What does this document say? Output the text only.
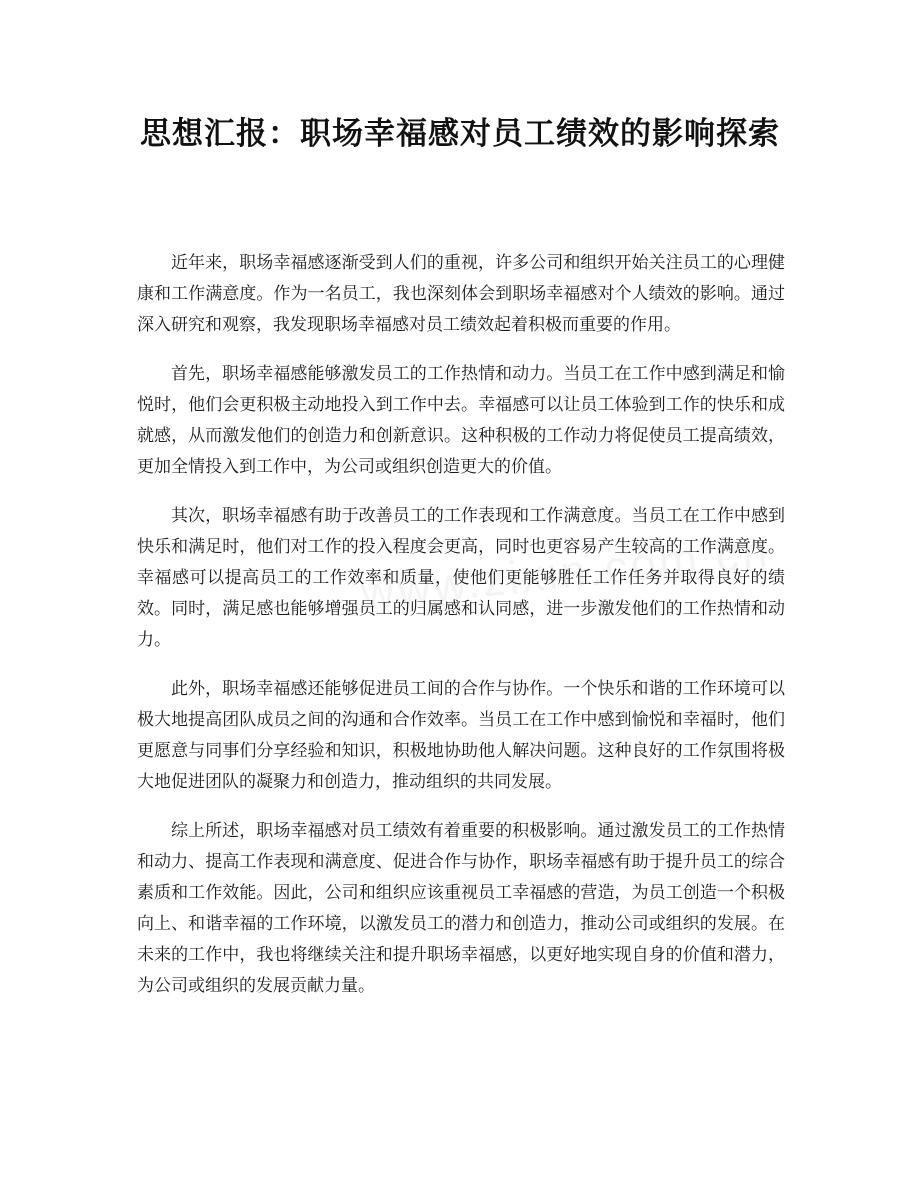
思想汇报：职场幸福感对员工绩效的影响探索

近年来，职场幸福感逐渐受到人们的重视，许多公司和组织开始关注员工的心理健康和工作满意度。作为一名员工，我也深刻体会到职场幸福感对个人绩效的影响。通过深入研究和观察，我发现职场幸福感对员工绩效起着积极而重要的作用。

首先，职场幸福感能够激发员工的工作热情和动力。当员工在工作中感到满足和愉悦时，他们会更积极主动地投入到工作中去。幸福感可以让员工体验到工作的快乐和成就感，从而激发他们的创造力和创新意识。这种积极的工作动力将促使员工提高绩效，更加全情投入到工作中，为公司或组织创造更大的价值。

其次，职场幸福感有助于改善员工的工作表现和工作满意度。当员工在工作中感到快乐和满足时，他们对工作的投入程度会更高，同时也更容易产生较高的工作满意度。幸福感可以提高员工的工作效率和质量，使他们更能够胜任工作任务并取得良好的绩效。同时，满足感也能够增强员工的归属感和认同感，进一步激发他们的工作热情和动力。

此外，职场幸福感还能够促进员工间的合作与协作。一个快乐和谐的工作环境可以极大地提高团队成员之间的沟通和合作效率。当员工在工作中感到愉悦和幸福时，他们更愿意与同事们分享经验和知识，积极地协助他人解决问题。这种良好的工作氛围将极大地促进团队的凝聚力和创造力，推动组织的共同发展。

综上所述，职场幸福感对员工绩效有着重要的积极影响。通过激发员工的工作热情和动力、提高工作表现和满意度、促进合作与协作，职场幸福感有助于提升员工的综合素质和工作效能。因此，公司和组织应该重视员工幸福感的营造，为员工创造一个积极向上、和谐幸福的工作环境，以激发员工的潜力和创造力，推动公司或组织的发展。在未来的工作中，我也将继续关注和提升职场幸福感，以更好地实现自身的价值和潜力，为公司或组织的发展贡献力量。
